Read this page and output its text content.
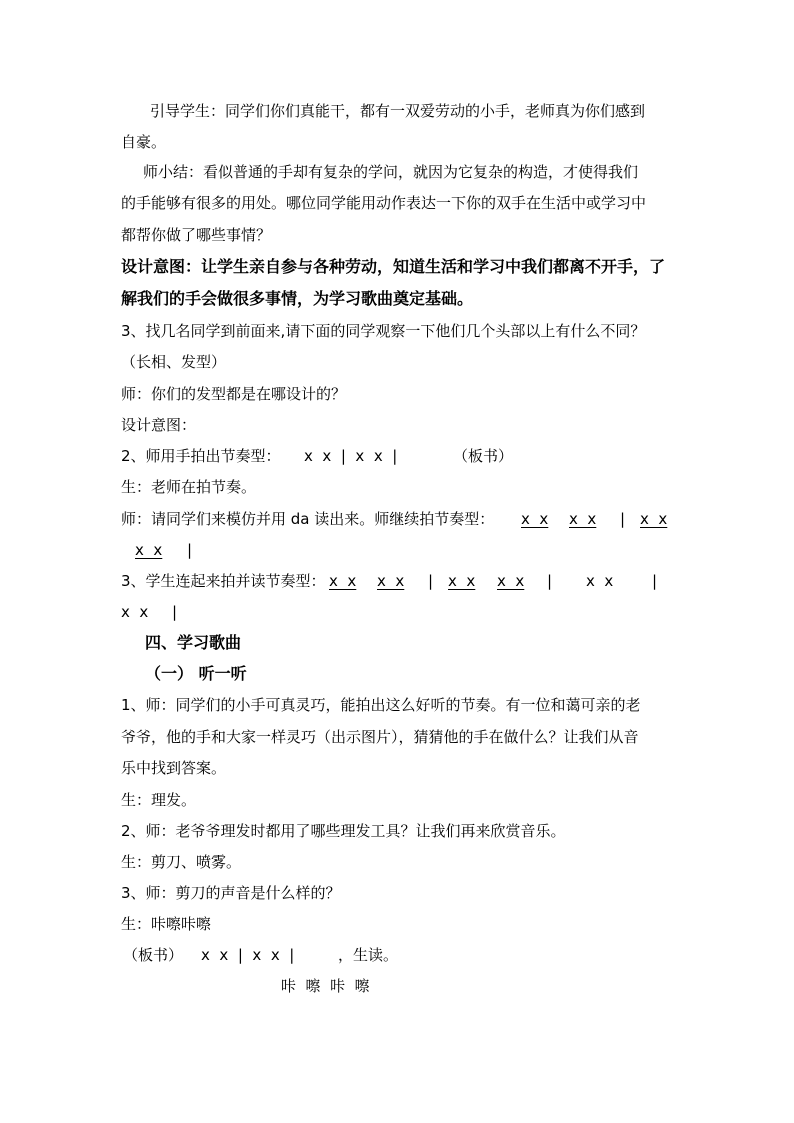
引导学生：同学们你们真能干，都有一双爱劳动的小手，老师真为你们感到
自豪。
师小结：看似普通的手却有复杂的学问，就因为它复杂的构造，才使得我们
的手能够有很多的用处。哪位同学能用动作表达一下你的双手在生活中或学习中
都帮你做了哪些事情？
设计意图：让学生亲自参与各种劳动，知道生活和学习中我们都离不开手，了
解我们的手会做很多事情，为学习歌曲奠定基础。
3、找几名同学到前面来,请下面的同学观察一下他们几个头部以上有什么不同？
（长相、发型）
师：你们的发型都是在哪设计的？
设计意图：
2、师用手拍出节奏型： x  x  |  x  x  |	（板书）
生：老师在拍节奏。
师：请同学们来模仿并用 da 读出来。师继续拍节奏型： x  x x  x | x  x
x  x |
3、学生连起来拍并读节奏型： x  x x  x | x  x x  x | x  x	|
x  x |
四、学习歌曲
（一） 听一听
1、师：同学们的小手可真灵巧，能拍出这么好听的节奏。有一位和蔼可亲的老
爷爷，他的手和大家一样灵巧（出示图片），猜猜他的手在做什么？让我们从音
乐中找到答案。
生：理发。
2、师：老爷爷理发时都用了哪些理发工具？让我们再来欣赏音乐。
生：剪刀、喷雾。
3、师：剪刀的声音是什么样的？
生：咔嚓咔嚓
（板书） x  x  |  x  x  |	，生读。
咔  嚓  咔  嚓
